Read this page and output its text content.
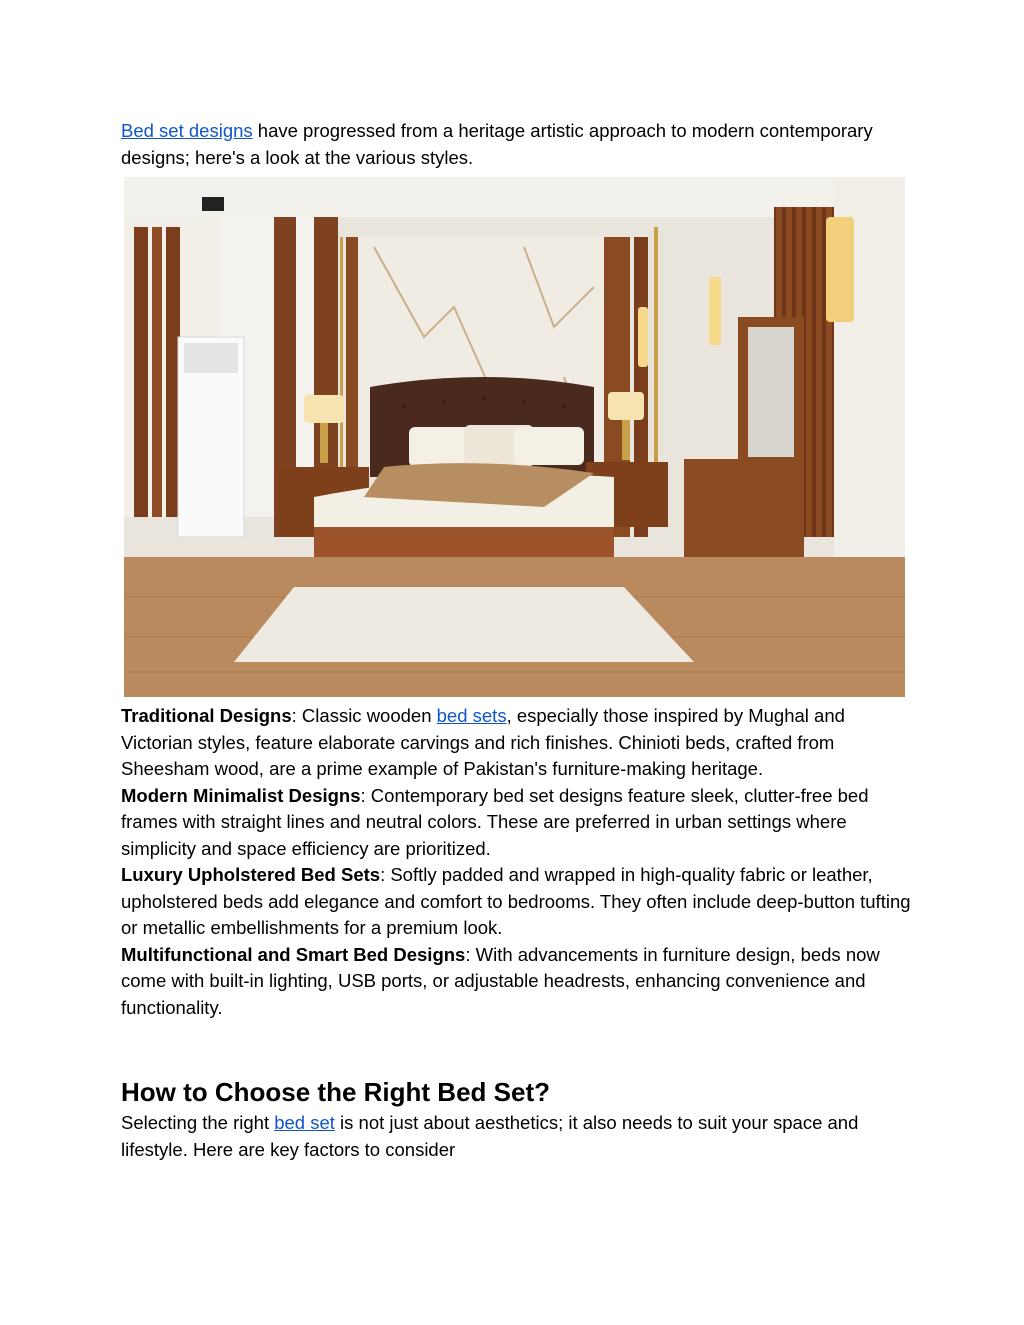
Bed set designs have progressed from a heritage artistic approach to modern contemporary designs; here's a look at the various styles.

Traditional Designs: Classic wooden bed sets, especially those inspired by Mughal and Victorian styles, feature elaborate carvings and rich finishes. Chinioti beds, crafted from Sheesham wood, are a prime example of Pakistan's furniture-making heritage.

Modern Minimalist Designs: Contemporary bed set designs feature sleek, clutter-free bed frames with straight lines and neutral colors. These are preferred in urban settings where simplicity and space efficiency are prioritized.

Luxury Upholstered Bed Sets: Softly padded and wrapped in high-quality fabric or leather, upholstered beds add elegance and comfort to bedrooms. They often include deep-button tufting or metallic embellishments for a premium look.

Multifunctional and Smart Bed Designs: With advancements in furniture design, beds now come with built-in lighting, USB ports, or adjustable headrests, enhancing convenience and functionality.

How to Choose the Right Bed Set?

Selecting the right bed set is not just about aesthetics; it also needs to suit your space and lifestyle. Here are key factors to consider
